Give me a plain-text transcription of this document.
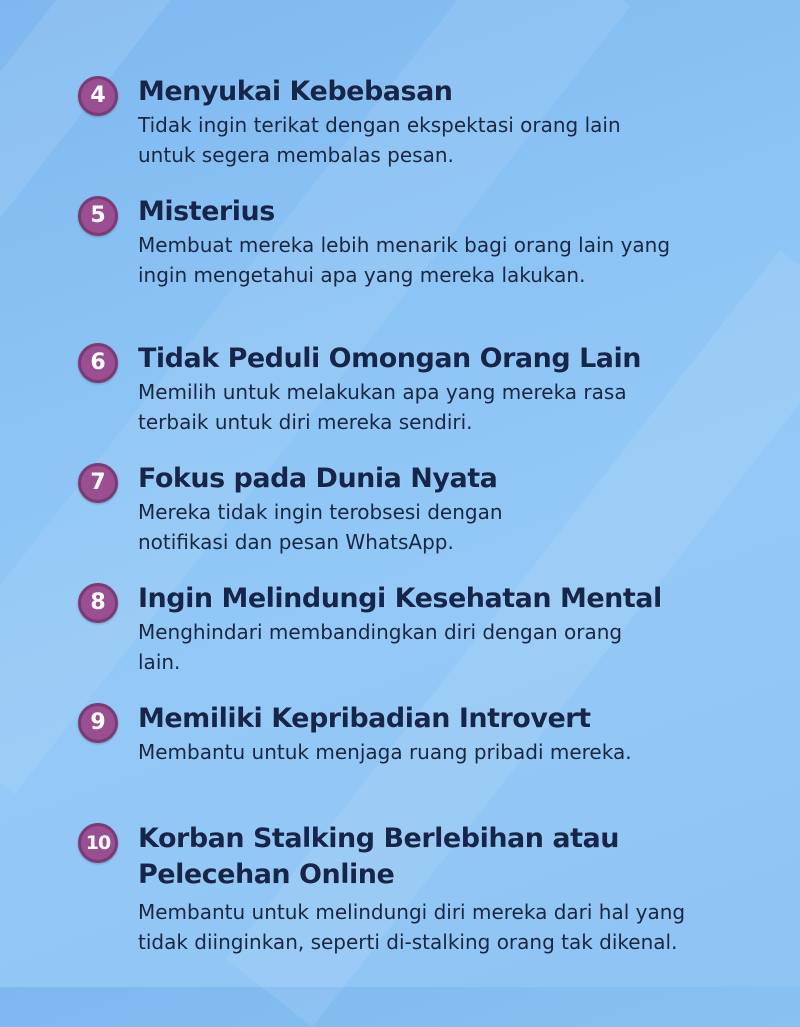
4	Menyukai Kebebasan

Tidak ingin terikat dengan ekspektasi orang lain untuk segera membalas pesan.

5	Misterius

Membuat mereka lebih menarik bagi orang lain yang ingin mengetahui apa yang mereka lakukan.

6	Tidak Peduli Omongan Orang Lain

Memilih untuk melakukan apa yang mereka rasa terbaik untuk diri mereka sendiri.

7	Fokus pada Dunia Nyata

Mereka tidak ingin terobsesi dengan notifikasi dan pesan WhatsApp.

8	Ingin Melindungi Kesehatan Mental

Menghindari membandingkan diri dengan orang lain.

9	Memiliki Kepribadian Introvert

Membantu untuk menjaga ruang pribadi mereka.

10 Korban Stalking Berlebihan atau Pelecehan Online

Membantu untuk melindungi diri mereka dari hal yang tidak diinginkan, seperti di-stalking orang tak dikenal.
